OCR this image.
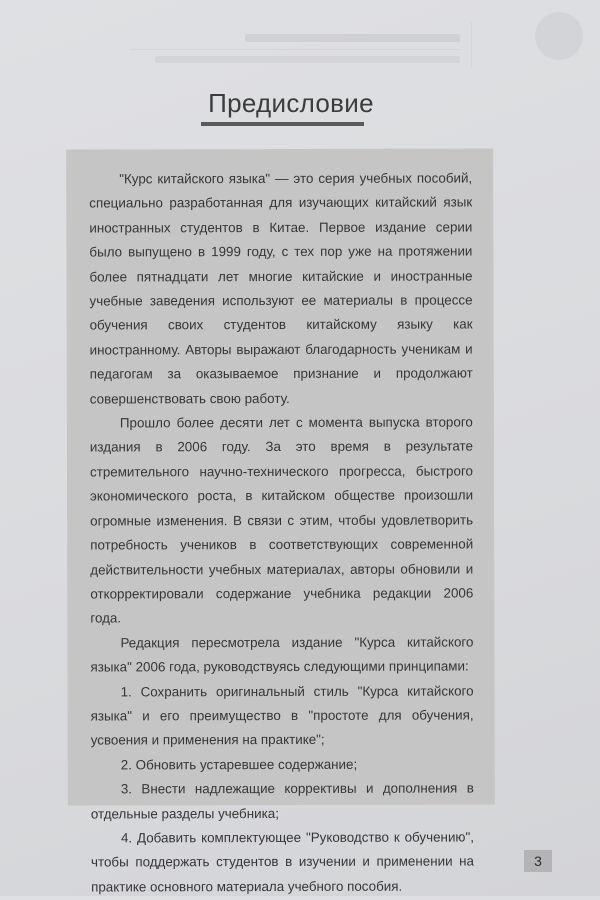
Предисловие

"Курс китайского языка" — это серия учебных пособий, специально разработанная для изучающих китайский язык иностранных студентов в Китае. Первое издание серии было выпущено в 1999 году, с тех пор уже на протяжении более пятнадцати лет многие китайские и иностранные учебные заведения используют ее материалы в процессе обучения своих студентов китайскому языку как иностранному. Авторы выражают благодарность ученикам и педагогам за оказываемое признание и продолжают совершенствовать свою работу.

Прошло более десяти лет с момента выпуска второго издания в 2006 году. За это время в результате стремительного научно-технического прогресса, быстрого экономического роста, в китайском обществе произошли огромные изменения. В связи с этим, чтобы удовлетворить потребность учеников в соответствующих современной действительности учебных материалах, авторы обновили и откорректировали содержание учебника редакции 2006 года.

Редакция пересмотрела издание "Курса китайского языка" 2006 года, руководствуясь следующими принципами:

1. Сохранить оригинальный стиль "Курса китайского языка" и его преимущество в "простоте для обучения, усвоения и применения на практике";

2. Обновить устаревшее содержание;

3. Внести надлежащие коррективы и дополнения в отдельные разделы учебника;

4. Добавить комплектующее "Руководство к обучению", чтобы поддержать студентов в изучении и применении на практике основного материала учебного пособия.

3
